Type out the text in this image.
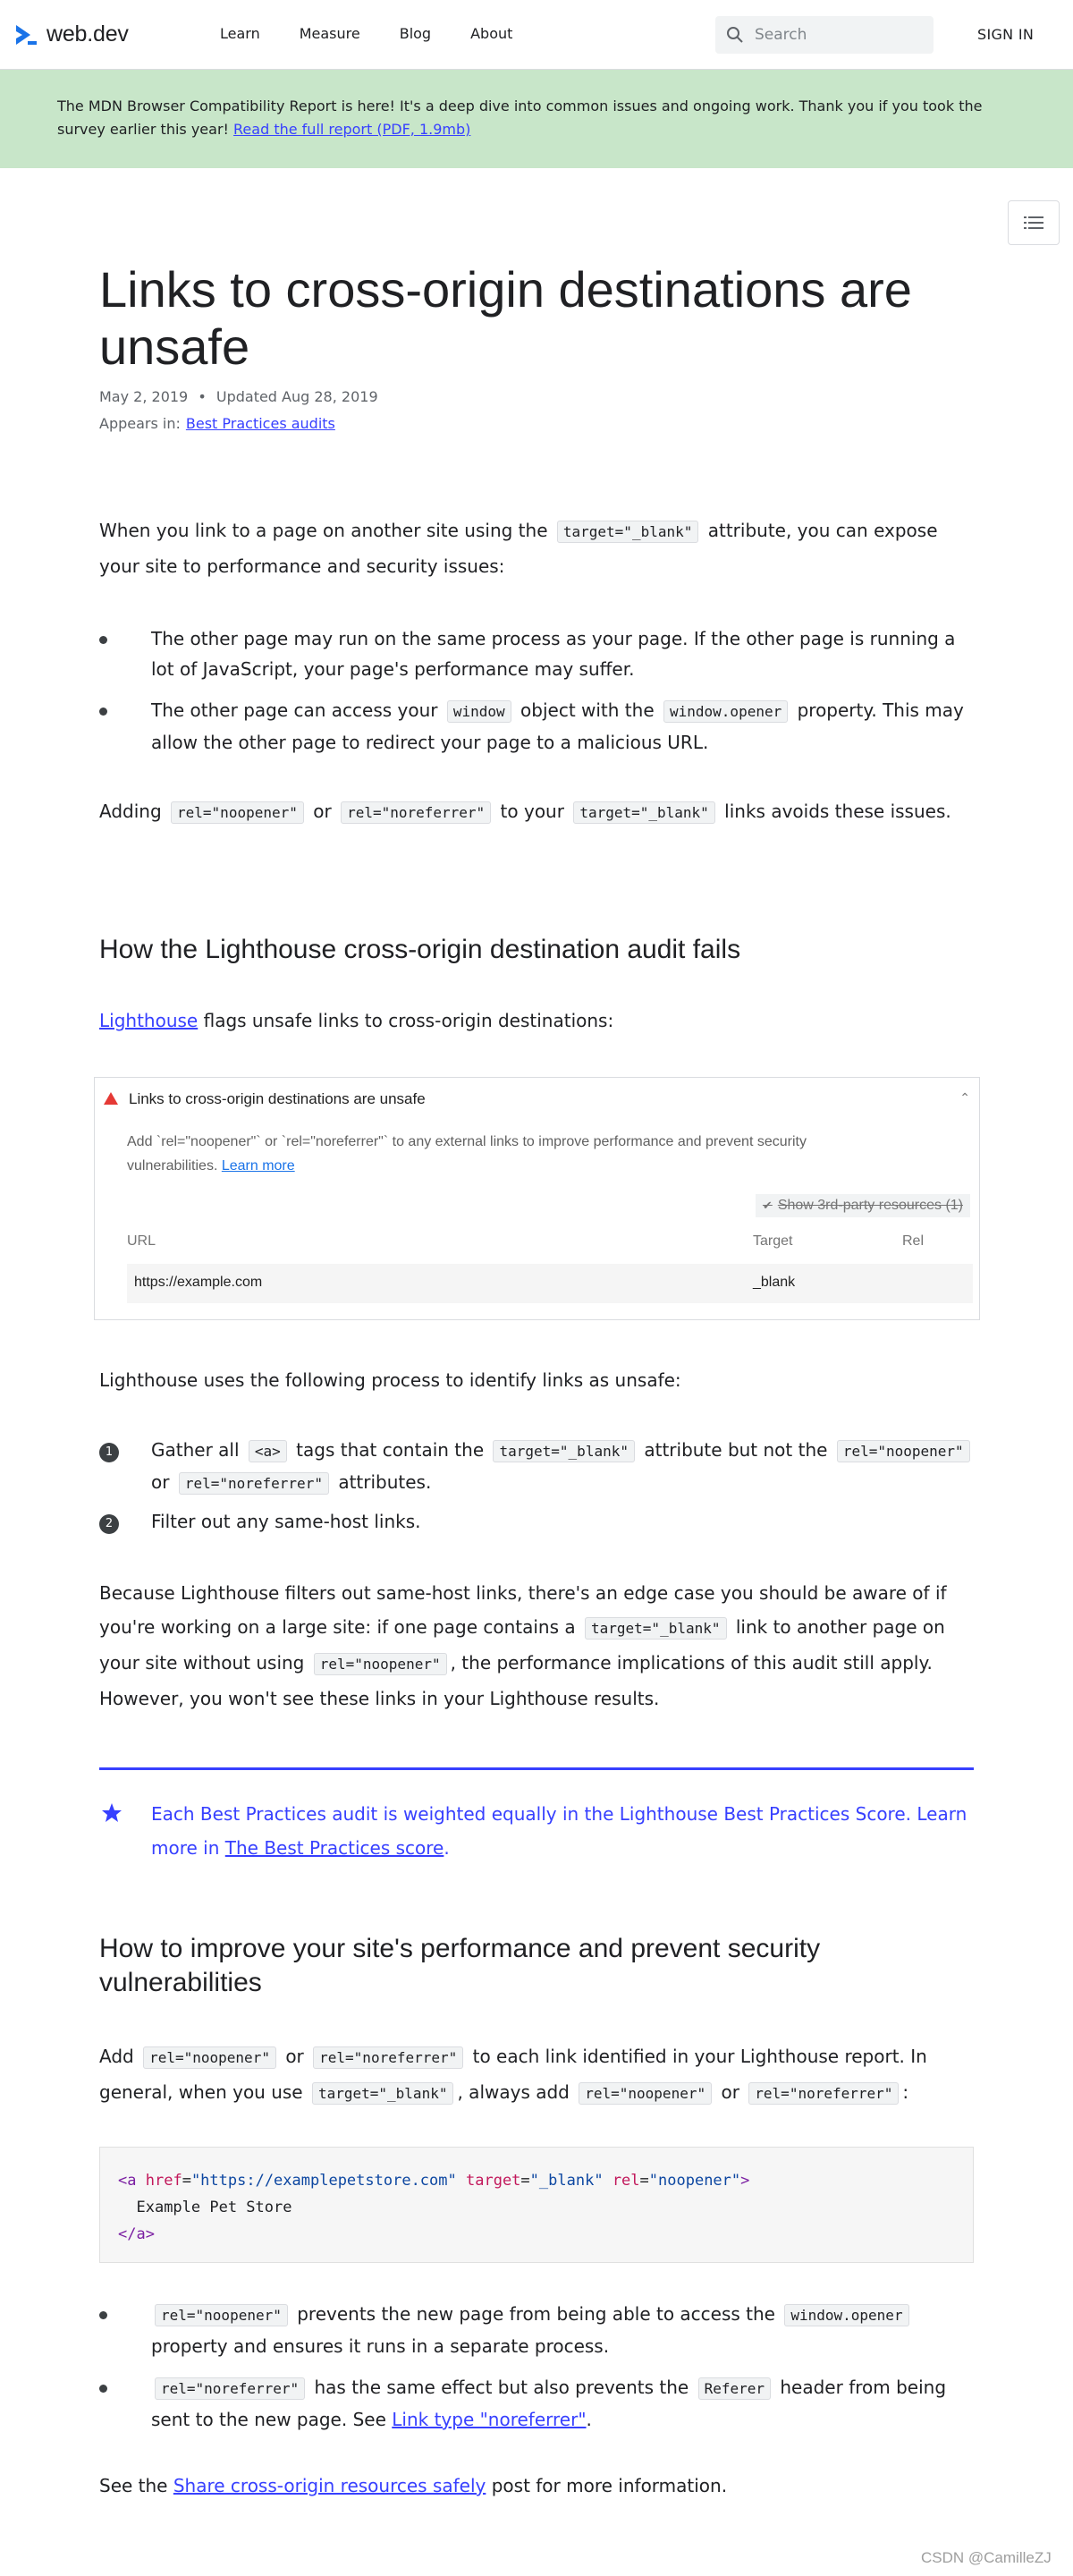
web.dev	Learn	Measure	Blog	About	Search	SIGN IN
The MDN Browser Compatibility Report is here! It's a deep dive into common issues and ongoing work. Thank you if you took the survey earlier this year! Read the full report (PDF, 1.9mb)
Links to cross-origin destinations are unsafe
May 2, 2019 • Updated Aug 28, 2019
Appears in: Best Practices audits

When you link to a page on another site using the target="_blank" attribute, you can expose your site to performance and security issues:

The other page may run on the same process as your page. If the other page is running a lot of JavaScript, your page's performance may suffer.
The other page can access your window object with the window.opener property. This may allow the other page to redirect your page to a malicious URL.

Adding rel="noopener" or rel="noreferrer" to your target="_blank" links avoids these issues.

How the Lighthouse cross-origin destination audit fails

Lighthouse flags unsafe links to cross-origin destinations:

Links to cross-origin destinations are unsafe	⌃
Add `rel="noopener"` or `rel="noreferrer"` to any external links to improve performance and prevent security vulnerabilities. Learn more
✔ Show 3rd-party resources (1)
URL	Target	Rel
https://example.com	_blank

Lighthouse uses the following process to identify links as unsafe:

1	Gather all <a> tags that contain the target="_blank" attribute but not the rel="noopener" or rel="noreferrer" attributes.
2	Filter out any same-host links.

Because Lighthouse filters out same-host links, there's an edge case you should be aware of if you're working on a large site: if one page contains a target="_blank" link to another page on your site without using rel="noopener" , the performance implications of this audit still apply. However, you won't see these links in your Lighthouse results.

Each Best Practices audit is weighted equally in the Lighthouse Best Practices Score. Learn more in The Best Practices score.
How to improve your site's performance and prevent security vulnerabilities

Add rel="noopener" or rel="noreferrer" to each link identified in your Lighthouse report. In general, when you use target="_blank" , always add rel="noopener" or rel="noreferrer" :

<a href="https://examplepetstore.com" target="_blank" rel="noopener">
Example Pet Store
</a>
rel="noopener" prevents the new page from being able to access the window.opener property and ensures it runs in a separate process.
rel="noreferrer" has the same effect but also prevents the Referer header from being sent to the new page. See Link type "noreferrer".

See the Share cross-origin resources safely post for more information.

CSDN @CamilleZJ
